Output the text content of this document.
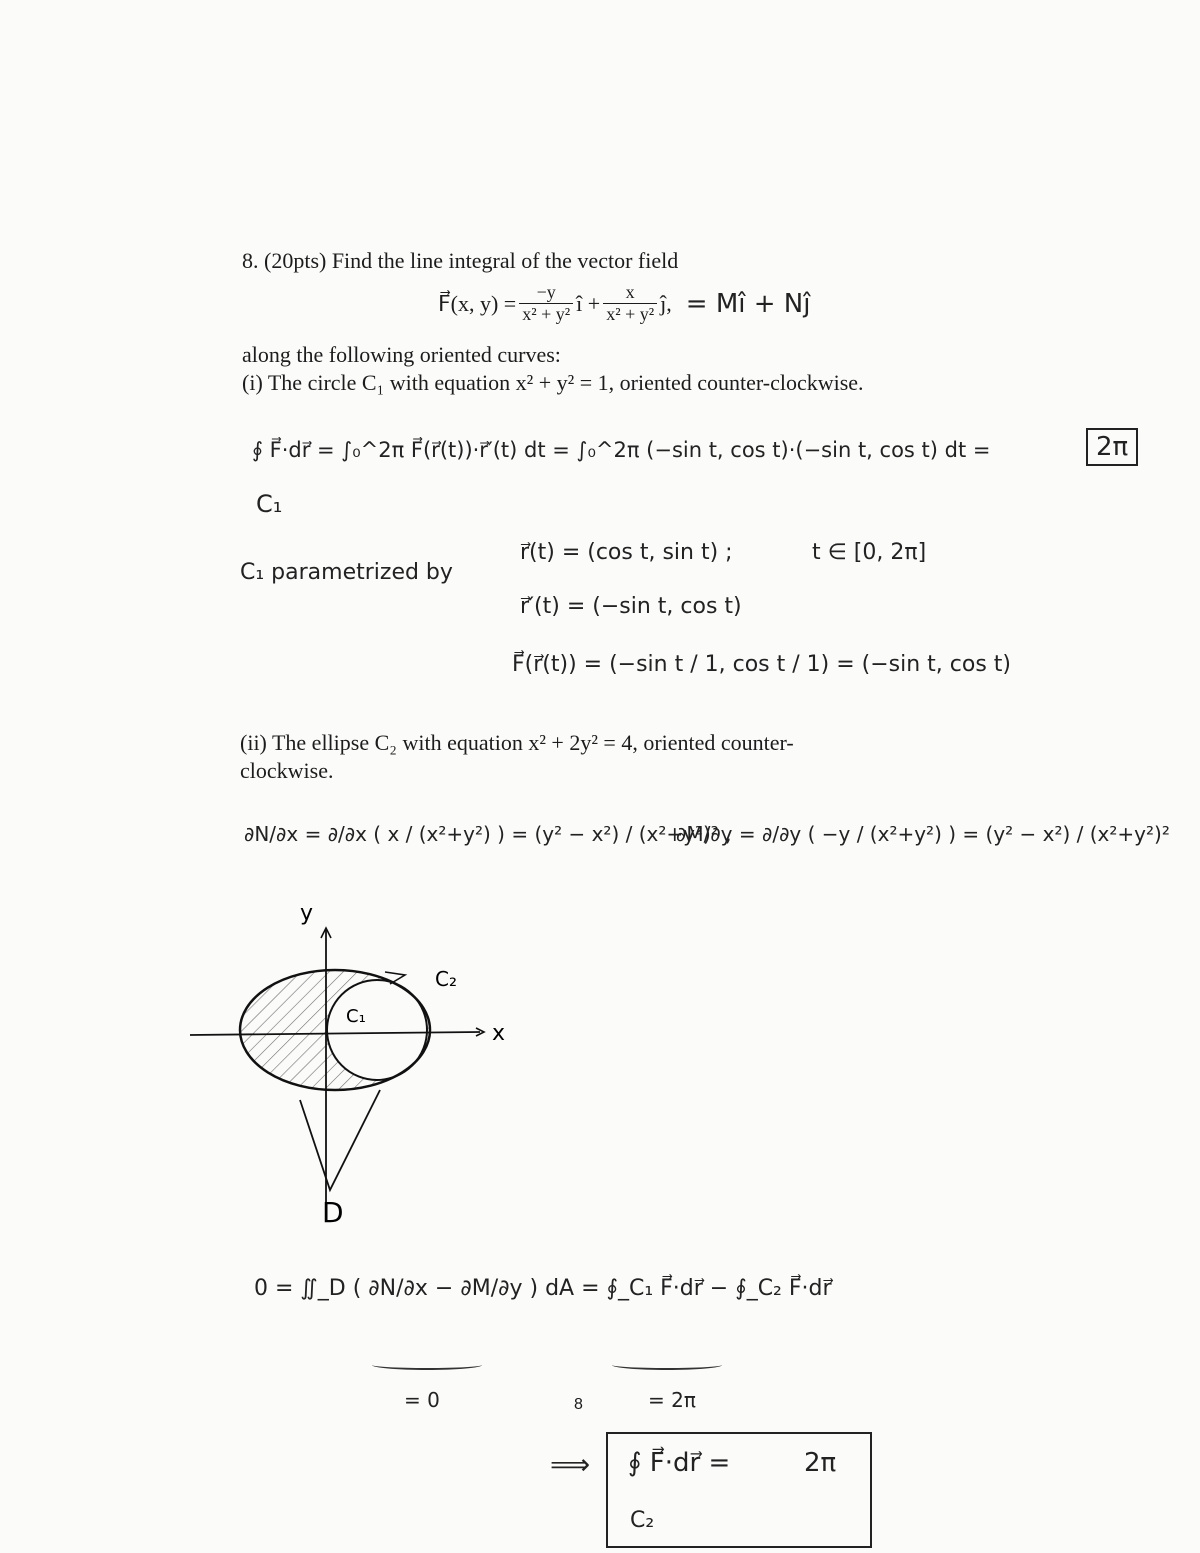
8. (20pts) Find the line integral of the vector field
F⃗(x, $y) = \frac{-y}{\text{x² + y²}}$ î + $\frac{x}{\text{x² + y²}}$ ĵ, = Mî + Nĵ
along the following oriented curves:
(i) The circle C₁ with equation x² + y² = 1, oriented counter-clockwise.
∮ F⃗·dr⃗ = ∫₀^2π F⃗(r⃗(t))·r⃗′(t) dt = ∫₀^2π (−sin t, cos t)·(−sin t, cos t) dt =	2π
C₁
C₁ parametrized by
r⃗(t) = (cos t, sin t) ;	t ∈ [0, 2π]
r⃗′(t) = (−sin t, cos t)
F⃗(r⃗(t)) = (−sin t / 1, cos t / 1) = (−sin t, cos t)
(ii) The ellipse C₂ with equation x² + 2y² = 4, oriented counter-
clockwise.
∂N/∂x = ∂/∂x ( x / (x²+y²) ) = (y² − x²) / (x²+y²)² ,
∂M/∂y = ∂/∂y ( −y / (x²+y²) ) = (y² − x²) / (x²+y²)²
y
x
C₁
C₂
D
0 = ∬_D ( ∂N/∂x − ∂M/∂y ) dA = ∮_C₁ F⃗·dr⃗ − ∮_C₂ F⃗·dr⃗
= 0	= 2π
8
⟹ ∮ F⃗·dr⃗ =	2π
C₂
